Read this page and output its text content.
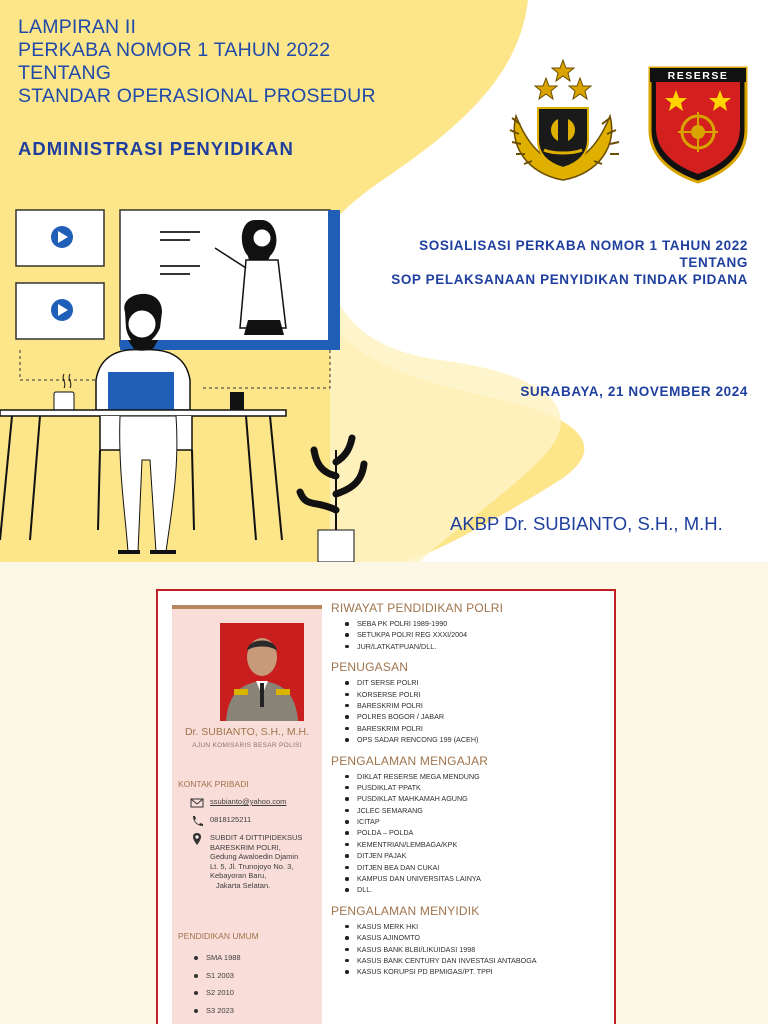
LAMPIRAN II
PERKABA NOMOR 1 TAHUN 2022
TENTANG
STANDAR OPERASIONAL PROSEDUR
ADMINISTRASI PENYIDIKAN
RESERSE
SOSIALISASI PERKABA NOMOR 1 TAHUN 2022
TENTANG
SOP PELAKSANAAN PENYIDIKAN TINDAK PIDANA
SURABAYA, 21 NOVEMBER 2024
AKBP Dr. SUBIANTO, S.H., M.H.
Dr. SUBIANTO, S.H., M.H.
AJUN KOMISARIS BESAR POLISI
KONTAK PRIBADI
ssubianto@yahoo.com
0818125211
SUBDIT 4 DITTIPIDEKSUS
BARESKRIM POLRI,
Gedung Awaloedin Djamin
Lt. 5, Jl. Trunojoyo No. 3,
Kebayoran Baru,
Jakarta Selatan.
PENDIDIKAN UMUM
SMA 1988
S1 2003
S2 2010
S3 2023
RIWAYAT PENDIDIKAN POLRI
SEBA PK POLRI 1989-1990
SETUKPA POLRI REG XXXI/2004
JUR/LATKATPUAN/DLL.
PENUGASAN
DIT SERSE POLRI
KORSERSE POLRI
BARESKRIM POLRI
POLRES BOGOR / JABAR
BARESKRIM POLRI
OPS SADAR RENCONG 199 (ACEH)
PENGALAMAN MENGAJAR
DIKLAT RESERSE MEGA MENDUNG
PUSDIKLAT PPATK
PUSDIKLAT MAHKAMAH AGUNG
JCLEC SEMARANG
ICITAP
POLDA – POLDA
KEMENTRIAN/LEMBAGA/KPK
DITJEN PAJAK
DITJEN BEA DAN CUKAI
KAMPUS DAN UNIVERSITAS LAINYA
DLL.
PENGALAMAN MENYIDIK
KASUS MERK HKI
KASUS AJINOMTO
KASUS BANK BLBI/LIKUIDASI 1998
KASUS BANK CENTURY DAN INVESTASI ANTABOGA
KASUS KORUPSI PD BPMIGAS/PT. TPPI
